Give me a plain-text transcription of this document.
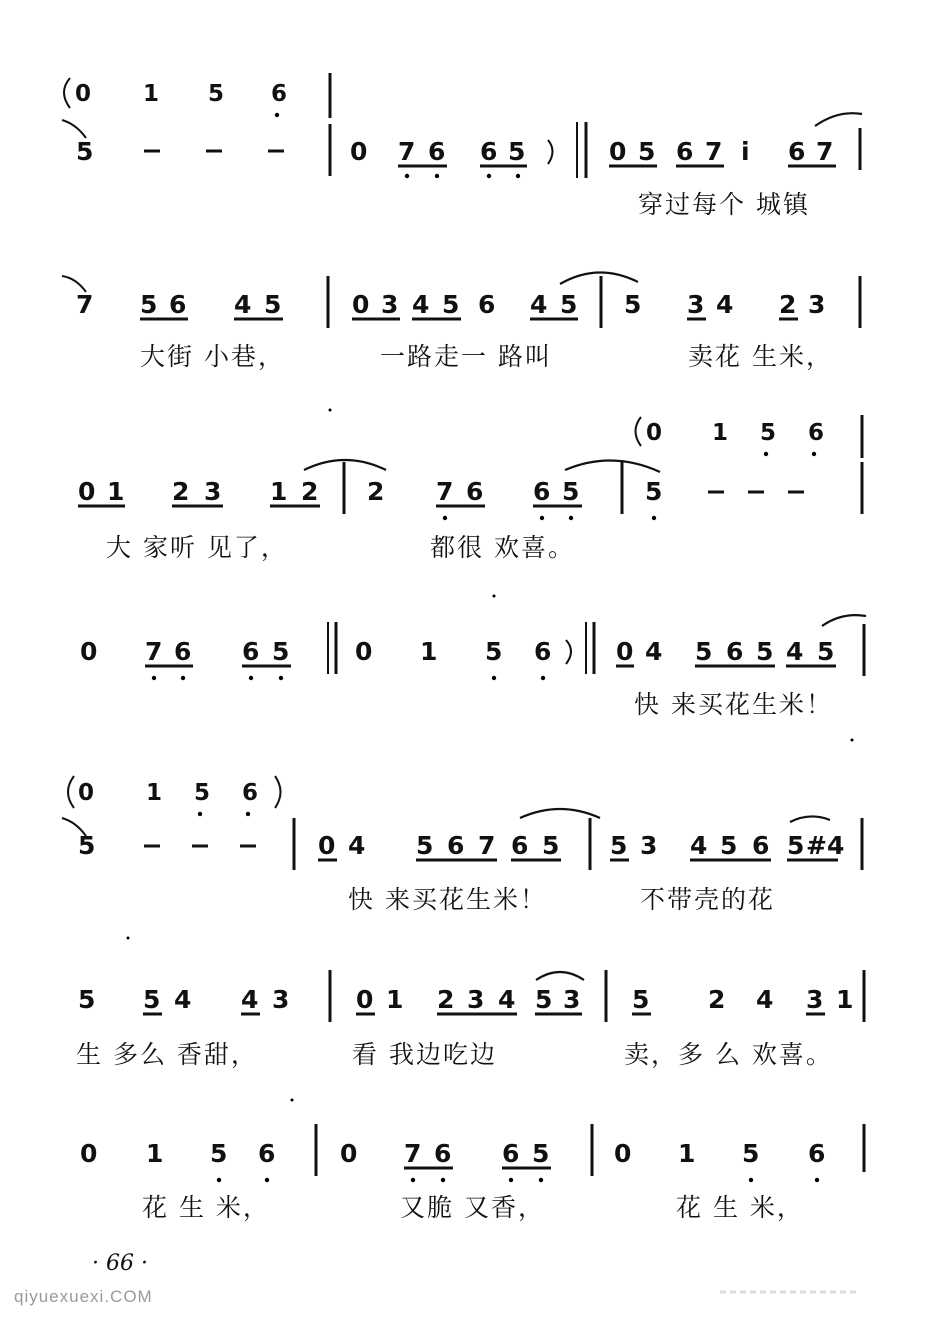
0 1 5 6
5	0 7 6 6 5	0 5 6 7 i 6 7
穿过每个 城镇
7 5 6 4 5	0 3 4 5 6 4 5 5 3 4 2 3
大街 小巷，	一路走一 路叫	卖花 生米，
0 1 5 6
0 1 2 3 1 2 2 7 6 6 5	5
大 家听 见了，	都很 欢喜。
0 7 6 6 5	0 1 5 6	0 4 5 6 5 4 5
快 来买花生米！
0 1 5 6
5	0 4 5 6 7 6 5 5 3 4 5 6 5 #4
快 来买花生米！	不带壳的花
5 5 4 4 3	0 1 2 3 4 5 3 5 2 4 3 1
生 多么 香甜，	看 我边吃边	卖，多 么 欢喜。
0 1 5 6	0 7 6 6 5	0 1 5 6
花 生 米，	又脆 又香，	花 生 米，
· 66 ·
qiyuexuexi.COM
